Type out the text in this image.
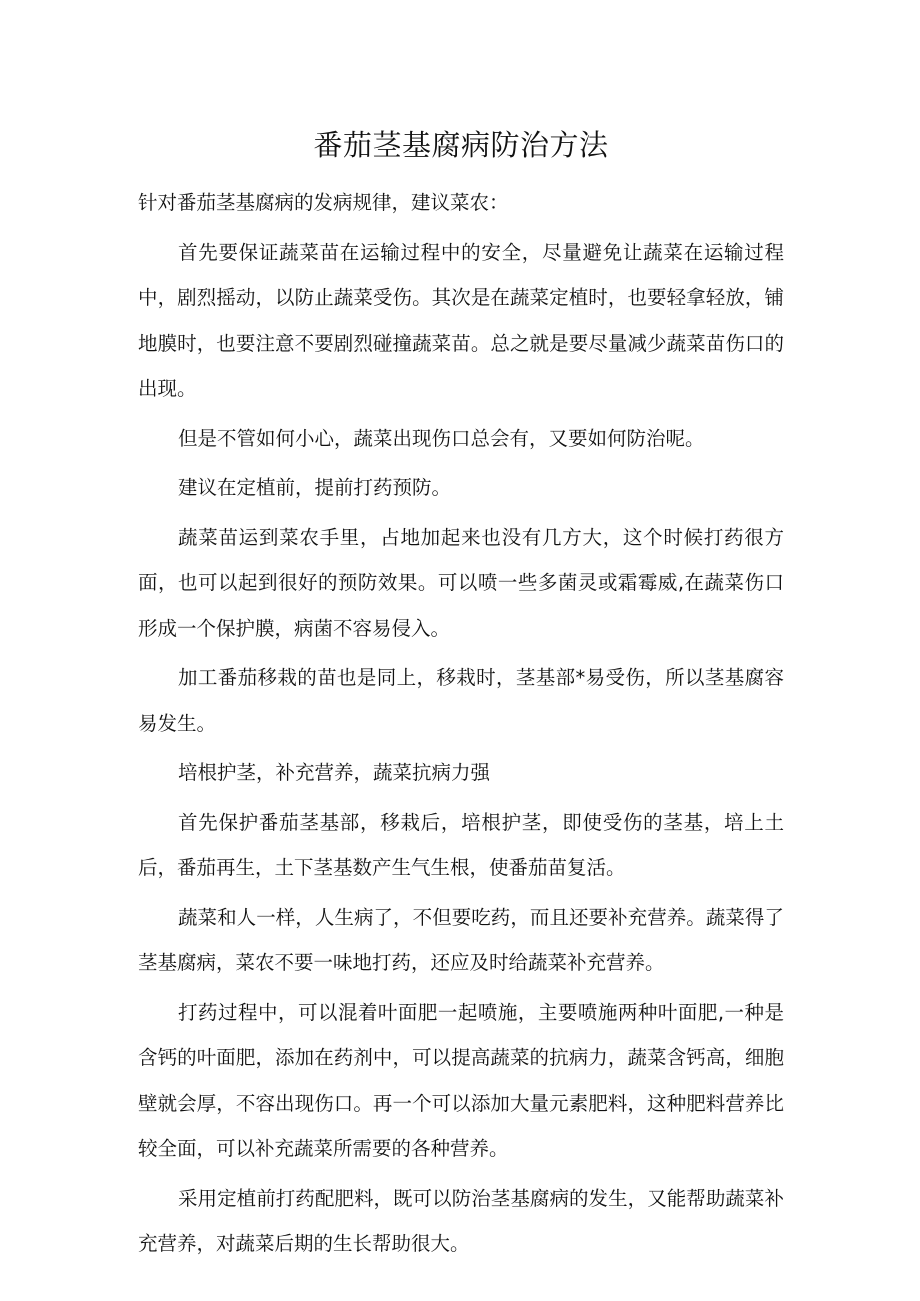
番茄茎基腐病防治方法

针对番茄茎基腐病的发病规律，建议菜农：

首先要保证蔬菜苗在运输过程中的安全，尽量避免让蔬菜在运输过程中，剧烈摇动，以防止蔬菜受伤。其次是在蔬菜定植时，也要轻拿轻放，铺地膜时，也要注意不要剧烈碰撞蔬菜苗。总之就是要尽量减少蔬菜苗伤口的出现。

但是不管如何小心，蔬菜出现伤口总会有，又要如何防治呢。

建议在定植前，提前打药预防。

蔬菜苗运到菜农手里，占地加起来也没有几方大，这个时候打药很方面，也可以起到很好的预防效果。可以喷一些多菌灵或霜霉威,在蔬菜伤口形成一个保护膜，病菌不容易侵入。

加工番茄移栽的苗也是同上，移栽时，茎基部*易受伤，所以茎基腐容易发生。

培根护茎，补充营养，蔬菜抗病力强

首先保护番茄茎基部，移栽后，培根护茎，即使受伤的茎基，培上土后，番茄再生，土下茎基数产生气生根，使番茄苗复活。

蔬菜和人一样，人生病了，不但要吃药，而且还要补充营养。蔬菜得了茎基腐病，菜农不要一味地打药，还应及时给蔬菜补充营养。

打药过程中，可以混着叶面肥一起喷施，主要喷施两种叶面肥,一种是含钙的叶面肥，添加在药剂中，可以提高蔬菜的抗病力，蔬菜含钙高，细胞壁就会厚，不容出现伤口。再一个可以添加大量元素肥料，这种肥料营养比较全面，可以补充蔬菜所需要的各种营养。

采用定植前打药配肥料，既可以防治茎基腐病的发生，又能帮助蔬菜补充营养，对蔬菜后期的生长帮助很大。
